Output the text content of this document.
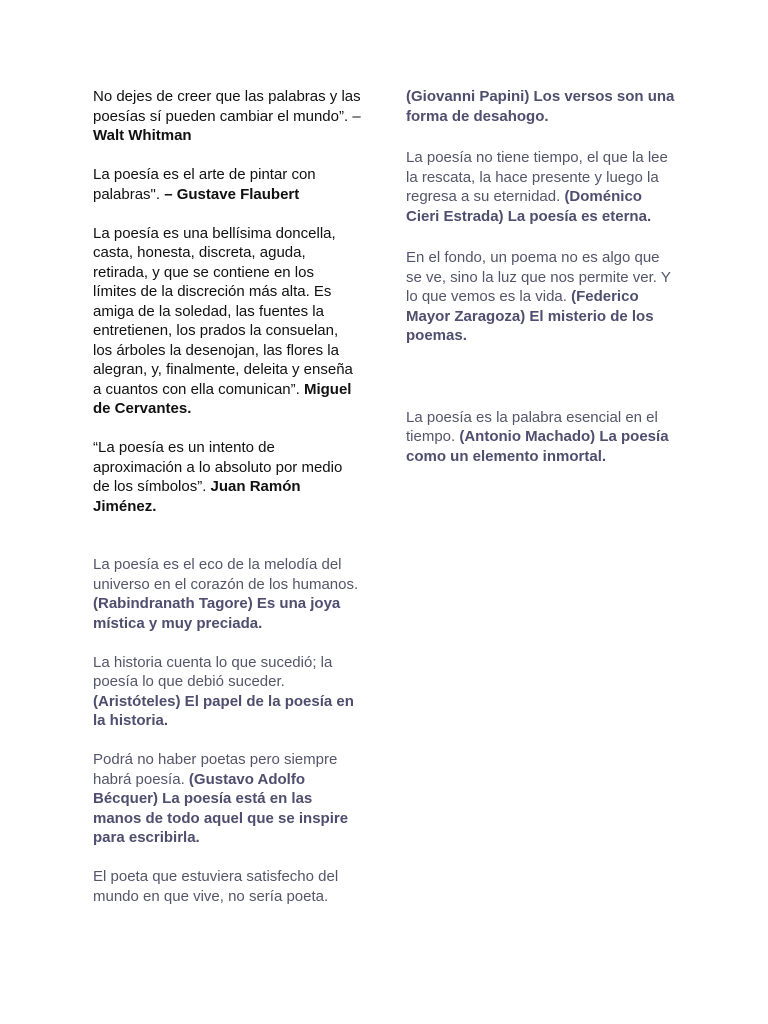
No dejes de creer que las palabras y las poesías sí pueden cambiar el mundo”. – Walt Whitman

La poesía es el arte de pintar con palabras". – Gustave Flaubert

La poesía es una bellísima doncella, casta, honesta, discreta, aguda, retirada, y que se contiene en los límites de la discreción más alta. Es amiga de la soledad, las fuentes la entretienen, los prados la consuelan, los árboles la desenojan, las flores la alegran, y, finalmente, deleita y enseña a cuantos con ella comunican”. Miguel de Cervantes.

“La poesía es un intento de aproximación a lo absoluto por medio de los símbolos”. Juan Ramón Jiménez.

La poesía es el eco de la melodía del universo en el corazón de los humanos. (Rabindranath Tagore) Es una joya mística y muy preciada.

La historia cuenta lo que sucedió; la poesía lo que debió suceder. (Aristóteles) El papel de la poesía en la historia.

Podrá no haber poetas pero siempre habrá poesía. (Gustavo Adolfo Bécquer) La poesía está en las manos de todo aquel que se inspire para escribirla.

El poeta que estuviera satisfecho del mundo en que vive, no sería poeta.

(Giovanni Papini) Los versos son una forma de desahogo.

La poesía no tiene tiempo, el que la lee la rescata, la hace presente y luego la regresa a su eternidad. (Doménico Cieri Estrada) La poesía es eterna.

En el fondo, un poema no es algo que se ve, sino la luz que nos permite ver. Y lo que vemos es la vida. (Federico Mayor Zaragoza) El misterio de los poemas.

La poesía es la palabra esencial en el tiempo. (Antonio Machado) La poesía como un elemento inmortal.
